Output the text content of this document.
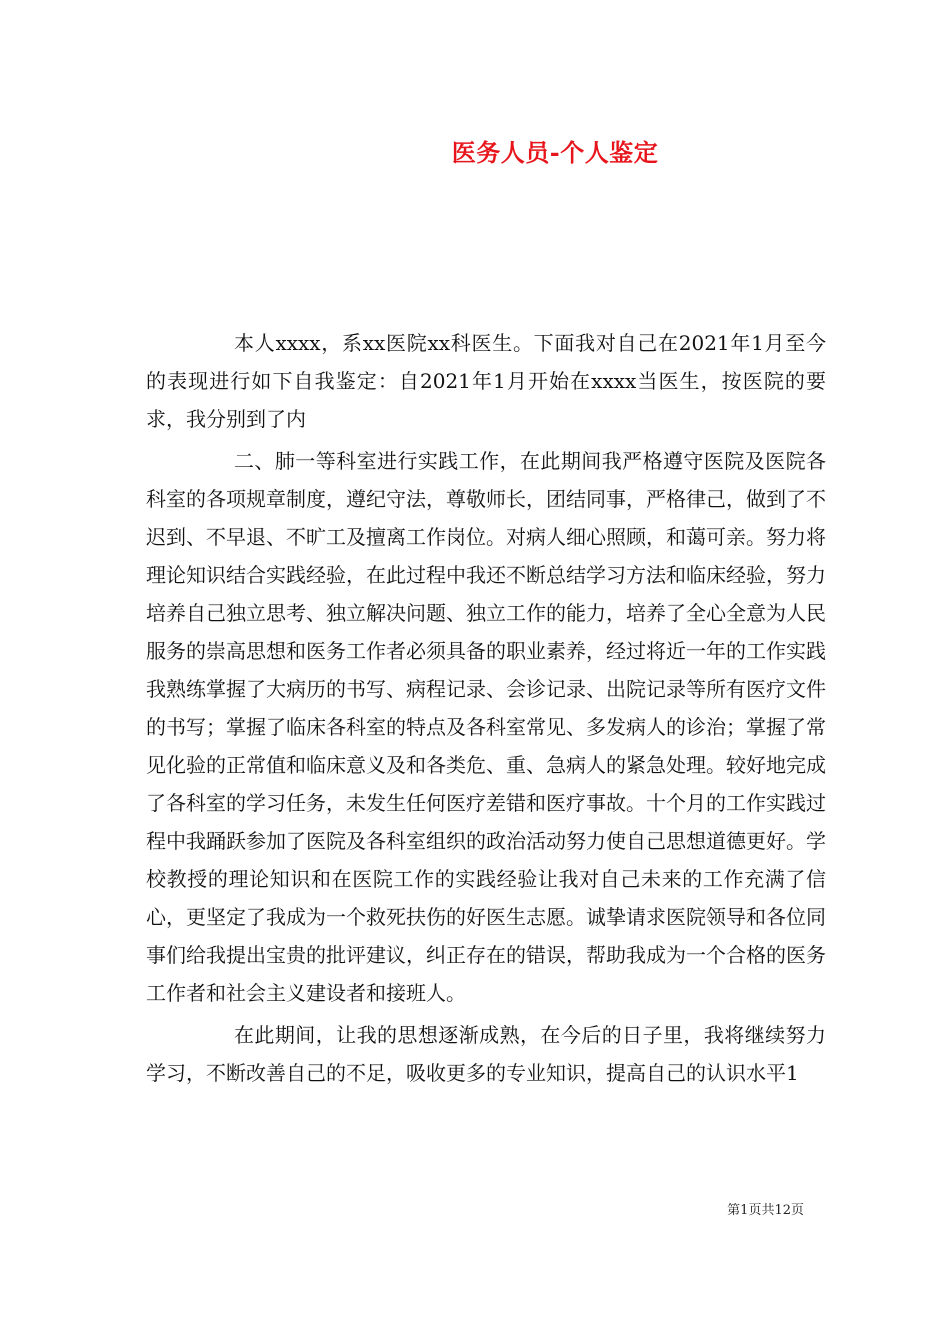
医务人员-个人鉴定

本人xxxx，系xx医院xx科医生。下面我对自己在2021年1月至今的表现进行如下自我鉴定：自2021年1月开始在xxxx当医生，按医院的要求，我分别到了内

二、肺一等科室进行实践工作，在此期间我严格遵守医院及医院各科室的各项规章制度，遵纪守法，尊敬师长，团结同事，严格律己，做到了不迟到、不早退、不旷工及擅离工作岗位。对病人细心照顾，和蔼可亲。努力将理论知识结合实践经验，在此过程中我还不断总结学习方法和临床经验，努力培养自己独立思考、独立解决问题、独立工作的能力，培养了全心全意为人民服务的崇高思想和医务工作者必须具备的职业素养，经过将近一年的工作实践我熟练掌握了大病历的书写、病程记录、会诊记录、出院记录等所有医疗文件的书写；掌握了临床各科室的特点及各科室常见、多发病人的诊治；掌握了常见化验的正常值和临床意义及和各类危、重、急病人的紧急处理。较好地完成了各科室的学习任务，未发生任何医疗差错和医疗事故。十个月的工作实践过程中我踊跃参加了医院及各科室组织的政治活动努力使自己思想道德更好。学校教授的理论知识和在医院工作的实践经验让我对自己未来的工作充满了信心，更坚定了我成为一个救死扶伤的好医生志愿。诚挚请求医院领导和各位同事们给我提出宝贵的批评建议，纠正存在的错误，帮助我成为一个合格的医务工作者和社会主义建设者和接班人。

在此期间，让我的思想逐渐成熟，在今后的日子里，我将继续努力学习，不断改善自己的不足，吸收更多的专业知识，提高自己的认识水平1

第1页共12页
